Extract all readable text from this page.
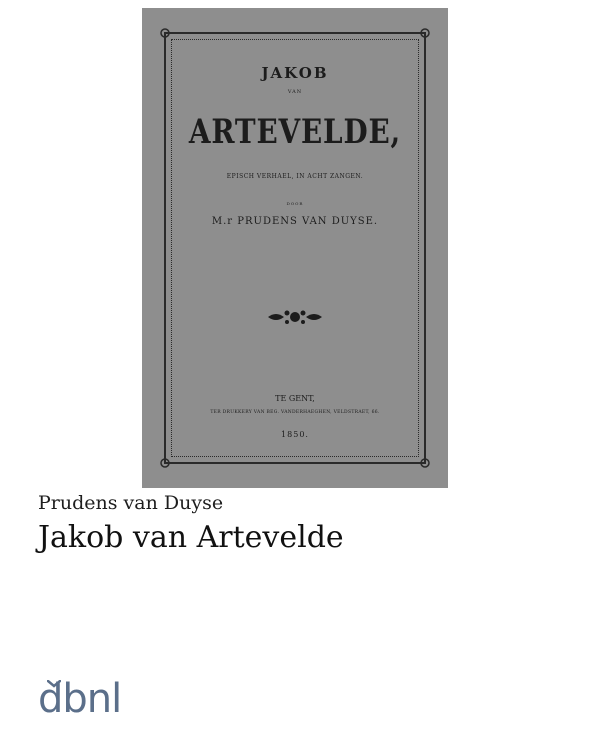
JAKOB
VAN
ARTEVELDE,
EPISCH VERHAEL, IN ACHT ZANGEN.
DOOR
M.r PRUDENS VAN DUYSE.
TE GENT,
TER DRUKKERY VAN BEG. VANDERHAEGHEN, VELDSTRAET, 66.
1850.
Prudens van Duyse
Jakob van Artevelde
dbnl
